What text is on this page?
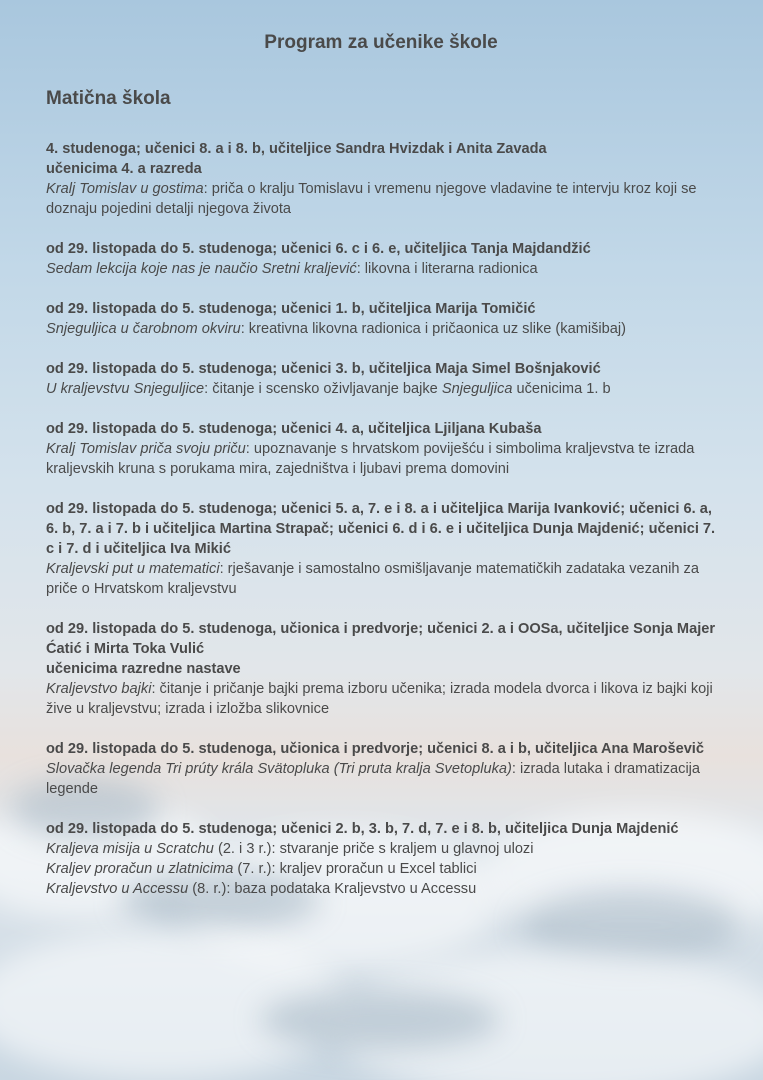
Program za učenike škole
Matična škola

4. studenoga; učenici 8. a i 8. b, učiteljice Sandra Hvizdak i Anita Zavada

učenicima 4. a razreda

Kralj Tomislav u gostima: priča o kralju Tomislavu i vremenu njegove vladavine te intervju kroz koji se doznaju pojedini detalji njegova života

od 29. listopada do 5. studenoga; učenici 6. c i 6. e, učiteljica Tanja Majdandžić

Sedam lekcija koje nas je naučio Sretni kraljević: likovna i literarna radionica

od 29. listopada do 5. studenoga; učenici 1. b, učiteljica Marija Tomičić

Snjeguljica u čarobnom okviru: kreativna likovna radionica i pričaonica uz slike (kamišibaj)

od 29. listopada do 5. studenoga; učenici 3. b, učiteljica Maja Simel Bošnjaković

U kraljevstvu Snjeguljice: čitanje i scensko oživljavanje bajke Snjeguljica učenicima 1. b

od 29. listopada do 5. studenoga; učenici 4. a, učiteljica Ljiljana Kubaša

Kralj Tomislav priča svoju priču: upoznavanje s hrvatskom poviješću i simbolima kraljevstva te izrada kraljevskih kruna s porukama mira, zajedništva i ljubavi prema domovini

od 29. listopada do 5. studenoga; učenici 5. a, 7. e i 8. a i učiteljica Marija Ivanković; učenici 6. a, 6. b, 7. a i 7. b i učiteljica Martina Strapač; učenici 6. d i 6. e i učiteljica Dunja Majdenić; učenici 7. c i 7. d i učiteljica Iva Mikić

Kraljevski put u matematici: rješavanje i samostalno osmišljavanje matematičkih zadataka vezanih za priče o Hrvatskom kraljevstvu

od 29. listopada do 5. studenoga, učionica i predvorje; učenici 2. a i OOSa, učiteljice Sonja Majer Ćatić i Mirta Toka Vulić

učenicima razredne nastave

Kraljevstvo bajki: čitanje i pričanje bajki prema izboru učenika; izrada modela dvorca i likova iz bajki koji žive u kraljevstvu; izrada i izložba slikovnice

od 29. listopada do 5. studenoga, učionica i predvorje; učenici 8. a i b, učiteljica Ana Maroševič

Slovačka legenda Tri prúty krála Svätopluka (Tri pruta kralja Svetopluka): izrada lutaka i dramatizacija legende

od 29. listopada do 5. studenoga; učenici 2. b, 3. b, 7. d, 7. e i 8. b, učiteljica Dunja Majdenić

Kraljeva misija u Scratchu (2. i 3 r.): stvaranje priče s kraljem u glavnoj ulozi

Kraljev proračun u zlatnicima (7. r.): kraljev proračun u Excel tablici

Kraljevstvo u Accessu (8. r.): baza podataka Kraljevstvo u Accessu
